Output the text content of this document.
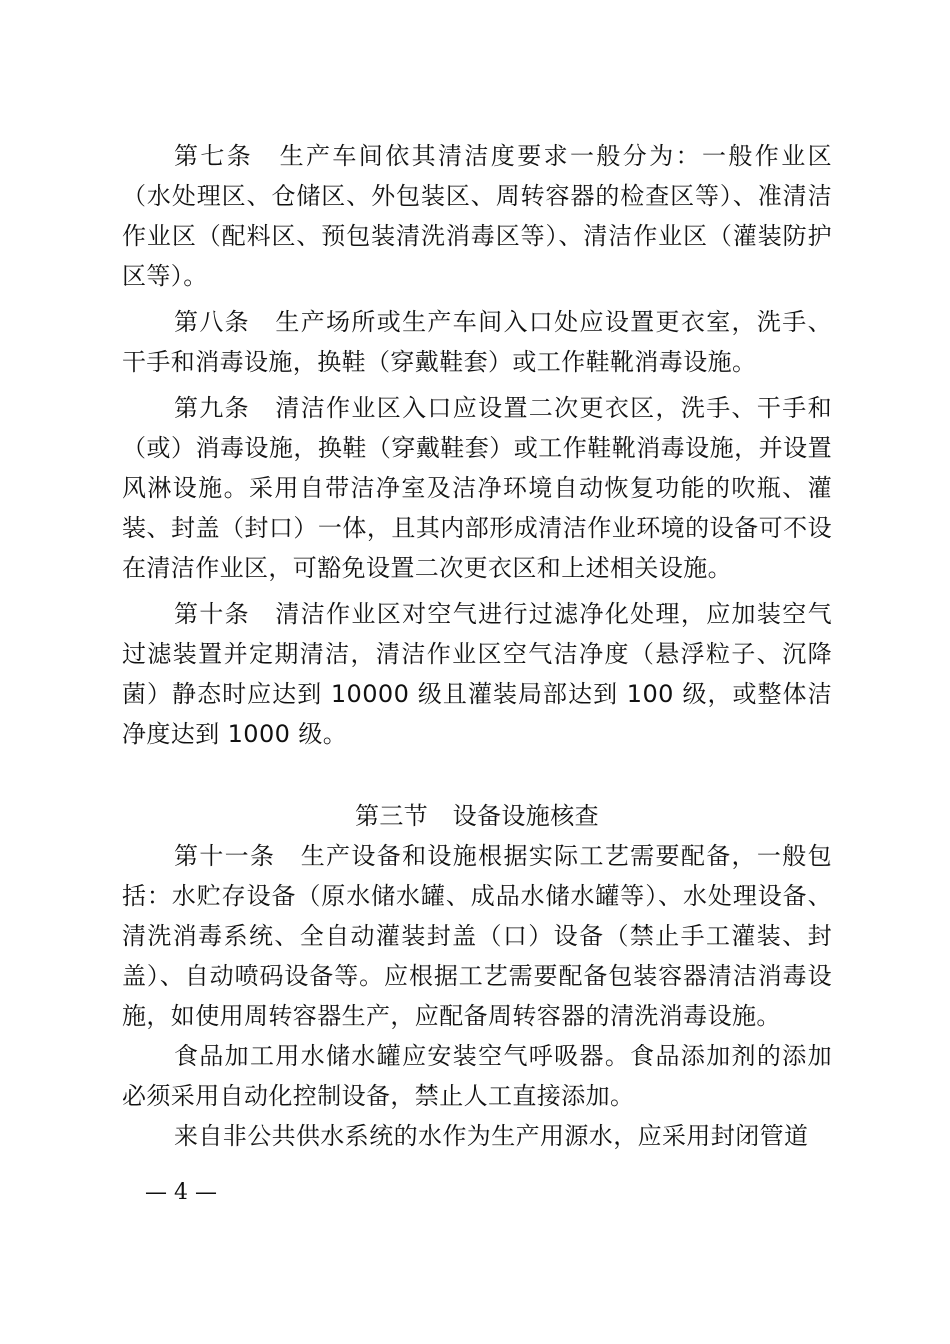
第七条　 生产车间依其清洁度要求一般分为：一般作业区（水处理区、仓储区、外包装区、周转容器的检查区等）、准清洁作业区（配料区、预包装清洗消毒区等）、清洁作业区（灌装防护区等）。

第八条　 生产场所或生产车间入口处应设置更衣室，洗手、干手和消毒设施，换鞋（穿戴鞋套）或工作鞋靴消毒设施。

第九条　 清洁作业区入口应设置二次更衣区，洗手、干手和（或）消毒设施，换鞋（穿戴鞋套）或工作鞋靴消毒设施，并设置风淋设施。采用自带洁净室及洁净环境自动恢复功能的吹瓶、灌装、封盖（封口）一体，且其内部形成清洁作业环境的设备可不设在清洁作业区，可豁免设置二次更衣区和上述相关设施。

第十条　 清洁作业区对空气进行过滤净化处理，应加装空气过滤装置并定期清洁，清洁作业区空气洁净度（悬浮粒子、沉降菌）静态时应达到 10000 级且灌装局部达到 100 级，或整体洁净度达到 1000 级。

第三节　设备设施核查

第十一条　 生产设备和设施根据实际工艺需要配备，一般包括：水贮存设备（原水储水罐、成品水储水罐等）、水处理设备、清洗消毒系统、全自动灌装封盖（口）设备（禁止手工灌装、封盖）、自动喷码设备等。应根据工艺需要配备包装容器清洁消毒设施，如使用周转容器生产，应配备周转容器的清洗消毒设施。

食品加工用水储水罐应安装空气呼吸器。食品添加剂的添加必须采用自动化控制设备，禁止人工直接添加。

来自非公共供水系统的水作为生产用源水，应采用封闭管道

— 4 —
